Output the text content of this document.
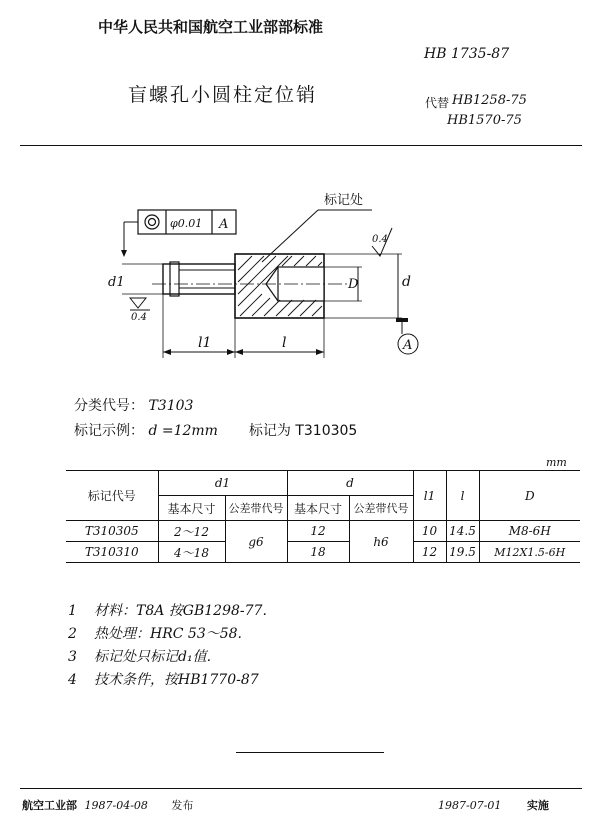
中华人民共和国航空工业部部标准
HB 1735-87
盲螺孔小圆柱定位销	代替 HB1258-75
HB1570-75
φ0.01 A
标记处
0.4
D	d
A
d1
0.4
l1	l
分类代号： T3103
标记示例： d =12mm 标记为 T310305
mm
标记代号	d1		d		l1	l	D
	基本尺寸	公差带代号	基本尺寸	公差带代号			
T310305	2～12	g6	12	h6	10	14.5	M8-6H
T310310	4～18		18		12	19.5	M12X1.5-6H
1 材料：T8A 按GB1298-77.
2 热处理：HRC 53～58.
3 标记处只标记d₁值.
4 技术条件，按HB1770-87
航空工业部 1987-04-08 发布	1987-07-01 实施
